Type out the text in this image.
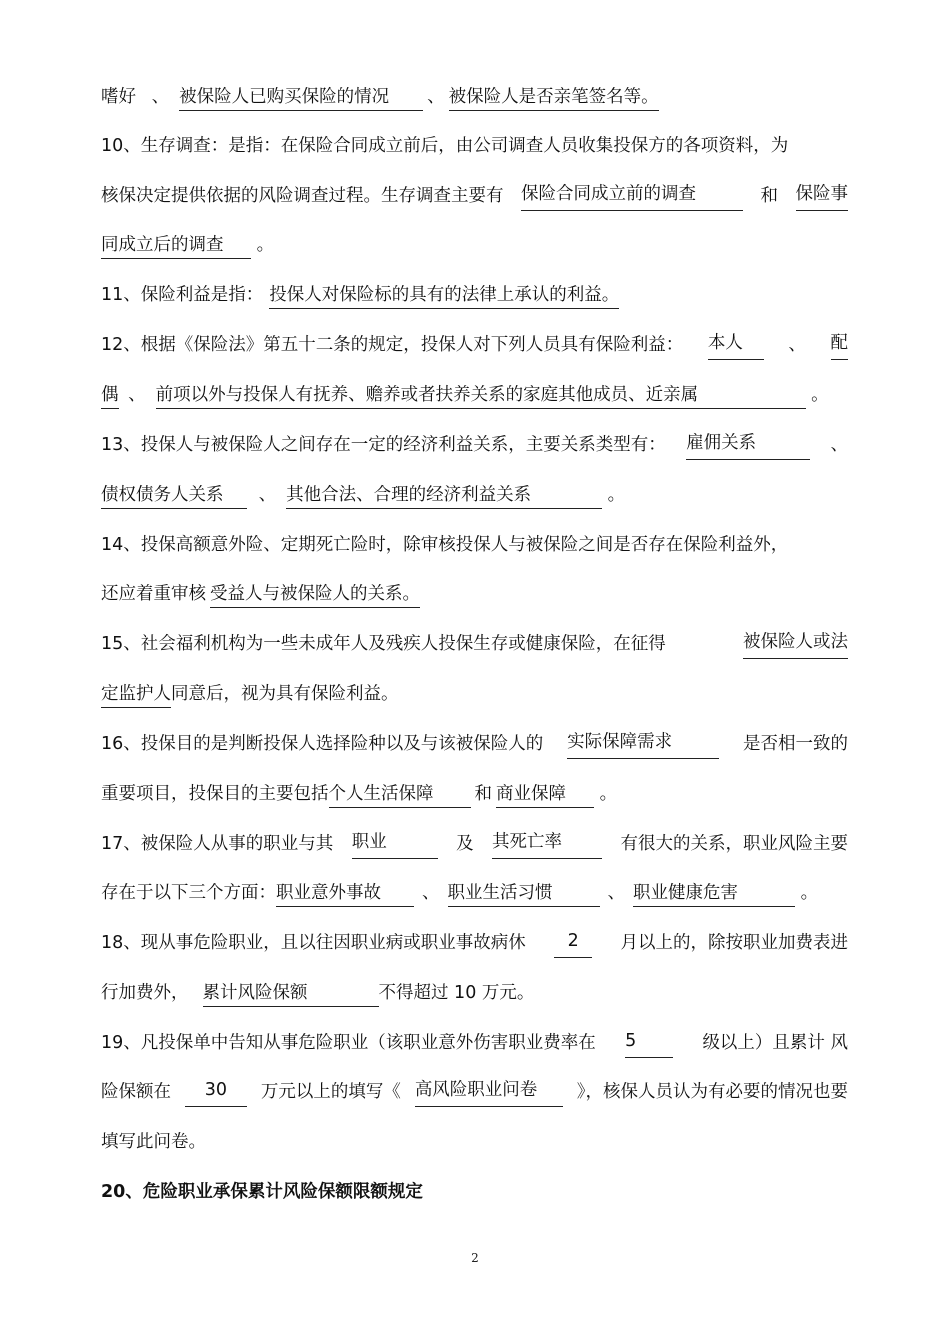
嗜好 、被保险人已购买保险的情况、 被保险人是否亲笔签名等。
10、生存调查：是指：在保险合同成立前后，由公司调查人员收集投保方的各项资料，为
核保决定提供依据的风险调查过程。生存调查主要有 保险合同成立前的调查	和 保险事
同成立后的调查 。
11、保险利益是指：投保人对保险标的具有的法律上承认的利益。
12、根据《保险法》第五十二条的规定，投保人对下列人员具有保险利益： 本人	、 配
偶 、前项以外与投保人有抚养、赡养或者扶养关系的家庭其他成员、近亲属	。
13、投保人与被保险人之间存在一定的经济利益关系，主要关系类型有： 雇佣关系	、
债权债务人关系 、其他合法、合理的经济利益关系	。
14、投保高额意外险、定期死亡险时，除审核投保人与被保险之间是否存在保险利益外，
还应着重审核受益人与被保险人的关系。
15、社会福利机构为一些未成年人及残疾人投保生存或健康保险，在征得	被保险人或法
定监护人同意后，视为具有保险利益。
16、投保目的是判断投保人选择险种以及与该被保险人的 实际保障需求	是否相一致的
重要项目，投保目的主要包括个人生活保障和商业保障 。
17、被保险人从事的职业与其 职业	及 其死亡率	有很大的关系，职业风险主要
存在于以下三个方面：职业意外事故、职业生活习惯	、职业健康危害	。
18、现从事危险职业，且以往因职业病或职业事故病休	2	月以上的，除按职业加费表进
行加费外，累计风险保额	不得超过 10 万元。
19、凡投保单中告知从事危险职业（该职业意外伤害职业费率在 5	级以上）且累计 风
险保额在	30	万元以上的填写《 高风险职业问卷	》，核保人员认为有必要的情况也要
填写此问卷。
20、危险职业承保累计风险保额限额规定
2
